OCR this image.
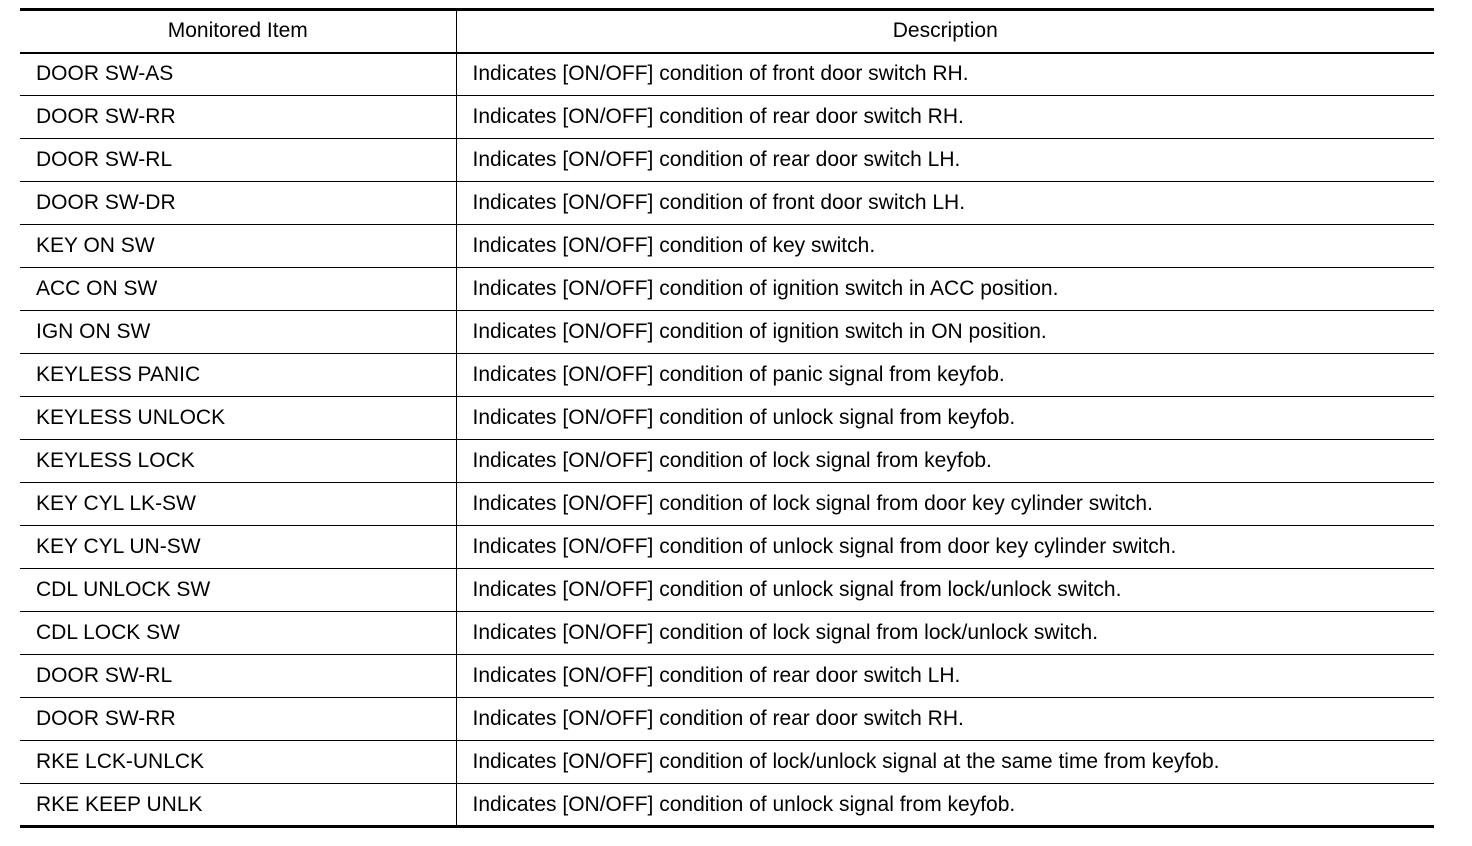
Monitored Item	Description
DOOR SW-AS	Indicates [ON/OFF] condition of front door switch RH.
DOOR SW-RR	Indicates [ON/OFF] condition of rear door switch RH.
DOOR SW-RL	Indicates [ON/OFF] condition of rear door switch LH.
DOOR SW-DR	Indicates [ON/OFF] condition of front door switch LH.
KEY ON SW	Indicates [ON/OFF] condition of key switch.
ACC ON SW	Indicates [ON/OFF] condition of ignition switch in ACC position.
IGN ON SW	Indicates [ON/OFF] condition of ignition switch in ON position.
KEYLESS PANIC	Indicates [ON/OFF] condition of panic signal from keyfob.
KEYLESS UNLOCK	Indicates [ON/OFF] condition of unlock signal from keyfob.
KEYLESS LOCK	Indicates [ON/OFF] condition of lock signal from keyfob.
KEY CYL LK-SW	Indicates [ON/OFF] condition of lock signal from door key cylinder switch.
KEY CYL UN-SW	Indicates [ON/OFF] condition of unlock signal from door key cylinder switch.
CDL UNLOCK SW	Indicates [ON/OFF] condition of unlock signal from lock/unlock switch.
CDL LOCK SW	Indicates [ON/OFF] condition of lock signal from lock/unlock switch.
DOOR SW-RL	Indicates [ON/OFF] condition of rear door switch LH.
DOOR SW-RR	Indicates [ON/OFF] condition of rear door switch RH.
RKE LCK-UNLCK	Indicates [ON/OFF] condition of lock/unlock signal at the same time from keyfob.
RKE KEEP UNLK	Indicates [ON/OFF] condition of unlock signal from keyfob.
